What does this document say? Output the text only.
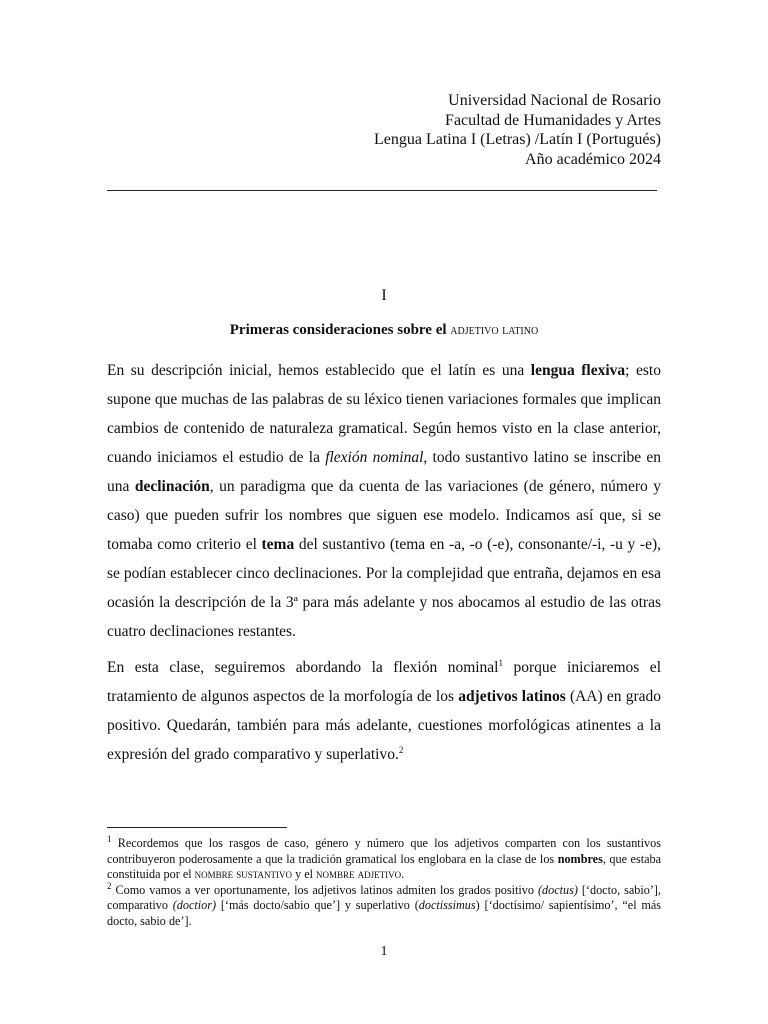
Universidad Nacional de Rosario
Facultad de Humanidades y Artes
Lengua Latina I (Letras) /Latín I (Portugués)
Año académico 2024
I
Primeras consideraciones sobre el adjetivo latino

En su descripción inicial, hemos establecido que el latín es una lengua flexiva; esto supone que muchas de las palabras de su léxico tienen variaciones formales que implican cambios de contenido de naturaleza gramatical. Según hemos visto en la clase anterior, cuando iniciamos el estudio de la flexión nominal, todo sustantivo latino se inscribe en una declinación, un paradigma que da cuenta de las variaciones (de género, número y caso) que pueden sufrir los nombres que siguen ese modelo. Indicamos así que, si se tomaba como criterio el tema del sustantivo (tema en -a, -o (-e), consonante/-i, -u y -e), se podían establecer cinco declinaciones. Por la complejidad que entraña, dejamos en esa ocasión la descripción de la 3ª para más adelante y nos abocamos al estudio de las otras cuatro declinaciones restantes.

En esta clase, seguiremos abordando la flexión nominal$^1$ porque iniciaremos el tratamiento de algunos aspectos de la morfología de los adjetivos latinos (AA) en grado positivo. Quedarán, también para más adelante, cuestiones morfológicas atinentes a la expresión del grado comparativo y superlativo.$^2$

$^1$ Recordemos que los rasgos de caso, género y número que los adjetivos comparten con los sustantivos contribuyeron poderosamente a que la tradición gramatical los englobara en la clase de los nombres, que estaba constituida por el nombre sustantivo y el nombre adjetivo.

$^2$ Como vamos a ver oportunamente, los adjetivos latinos admiten los grados positivo (doctus) [‘docto, sabio’], comparativo (doctior) [‘más docto/sabio que’] y superlativo (doctissimus) [‘doctísimo/ sapientísimo’, “el más docto, sabio de’].

1
